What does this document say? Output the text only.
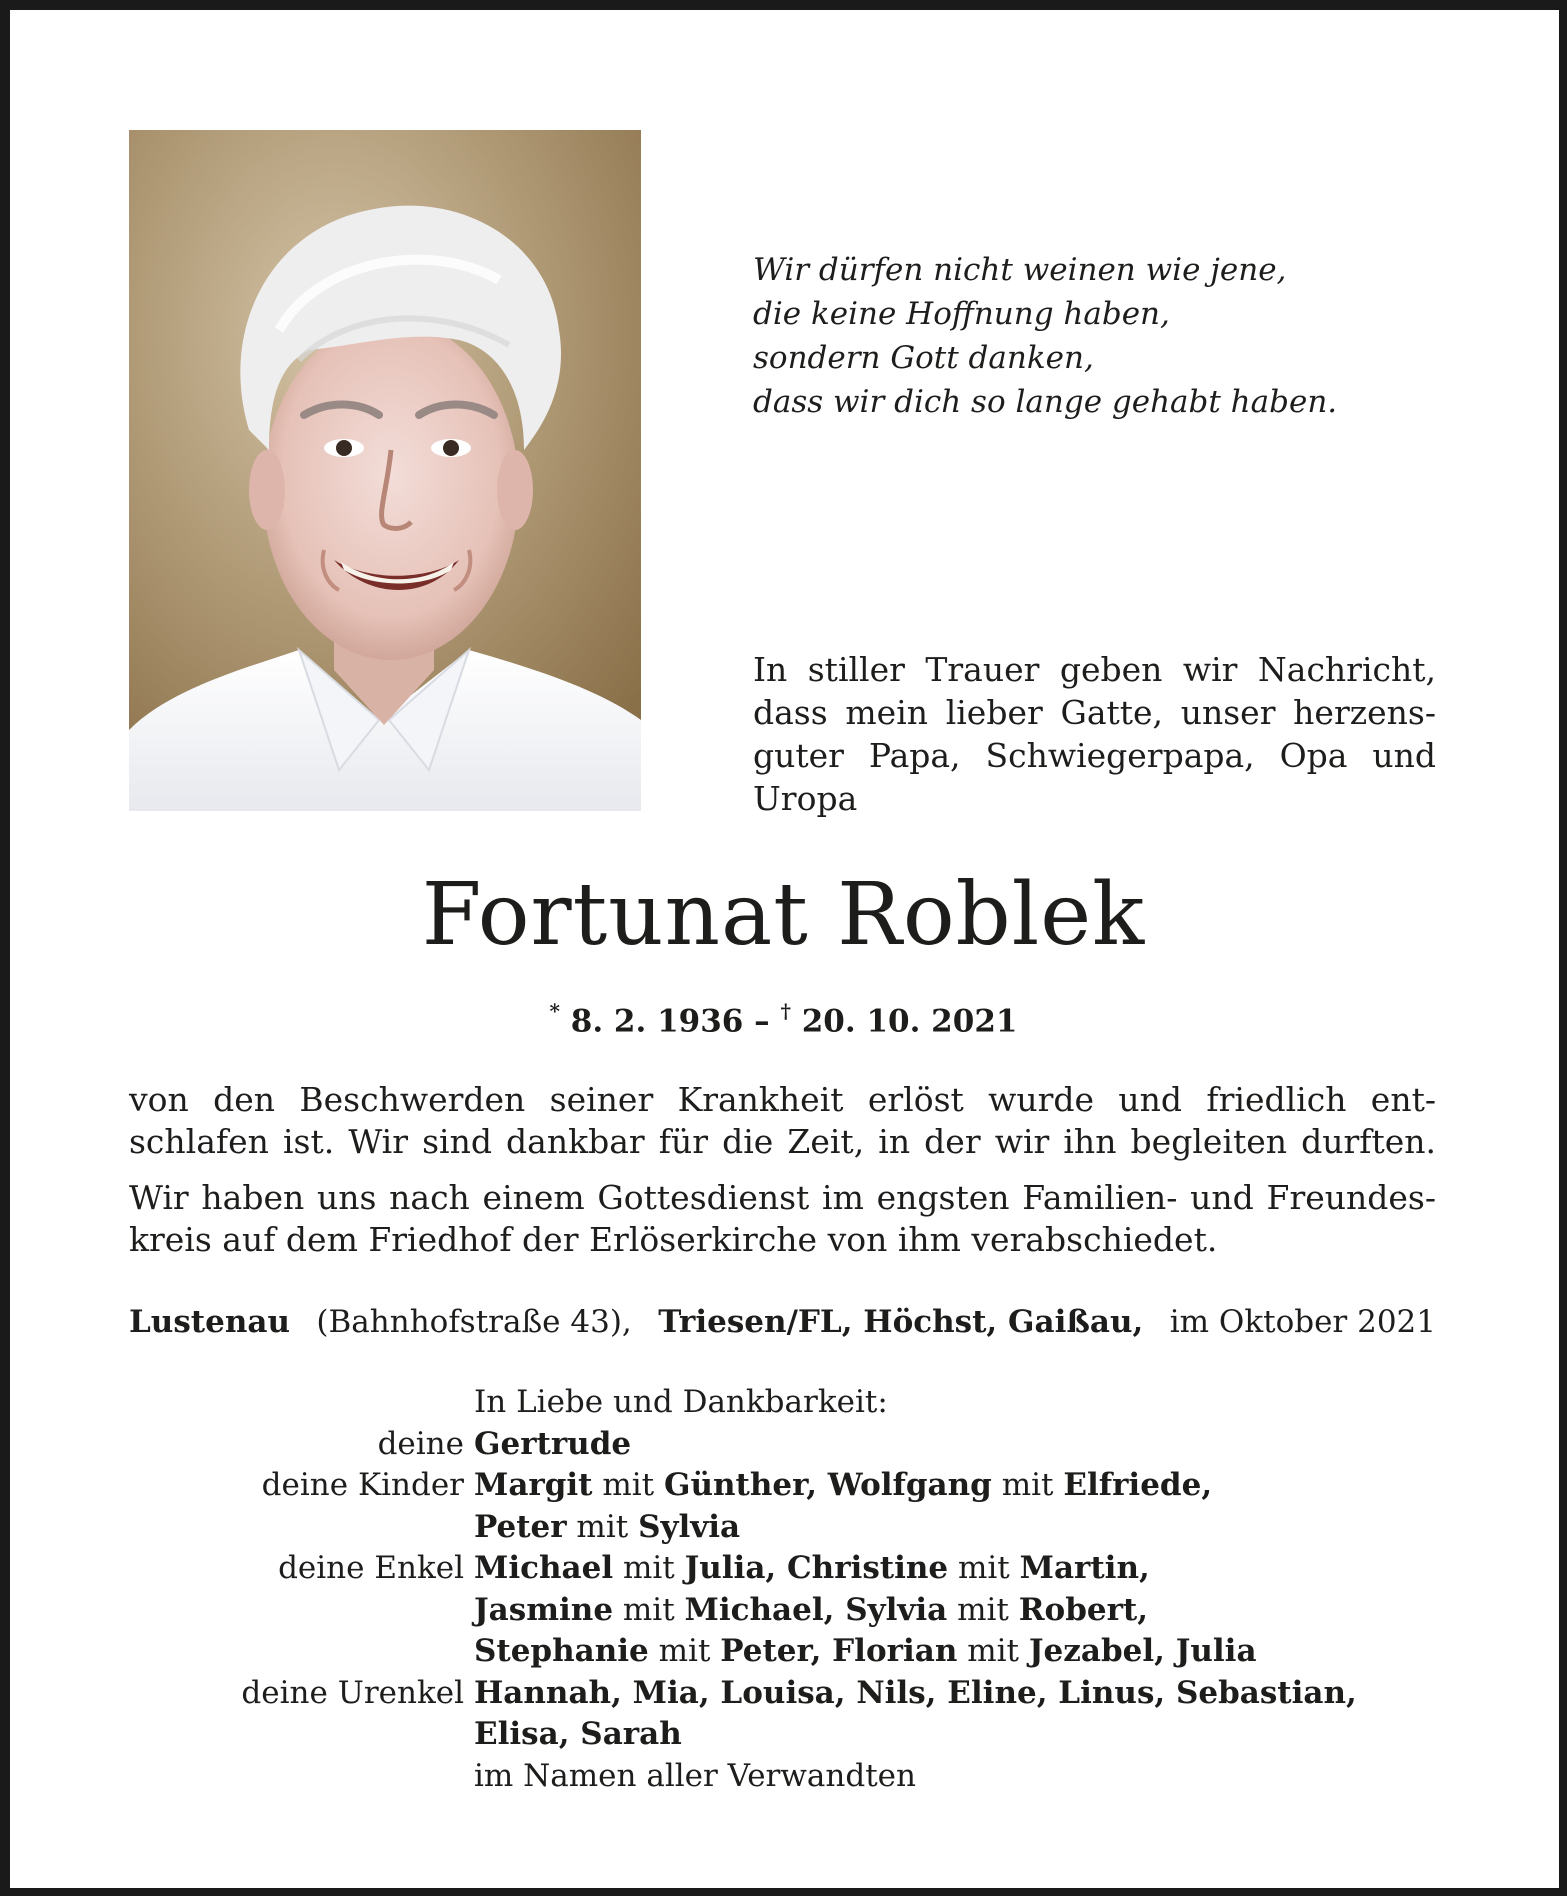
Wir dürfen nicht weinen wie jene,
die keine Hoffnung haben,
sondern Gott danken,
dass wir dich so lange gehabt haben.
In stiller Trauer geben wir Nachricht,
dass mein lieber Gatte, unser herzens-
guter Papa, Schwiegerpapa, Opa und
Uropa
Fortunat Roblek
* 8. 2. 1936 – † 20. 10. 2021
von den Beschwerden seiner Krankheit erlöst wurde und friedlich ent-
schlafen ist. Wir sind dankbar für die Zeit, in der wir ihn begleiten durften.
Wir haben uns nach einem Gottesdienst im engsten Familien- und Freundes-
kreis auf dem Friedhof der Erlöserkirche von ihm verabschiedet.
Lustenau (Bahnhofstraße 43), Triesen/FL, Höchst, Gaißau, im Oktober 2021
In Liebe und Dankbarkeit:
deine Gertrude
deine Kinder Margit mit Günther, Wolfgang mit Elfriede,
Peter mit Sylvia
deine Enkel Michael mit Julia, Christine mit Martin,
Jasmine mit Michael, Sylvia mit Robert,
Stephanie mit Peter, Florian mit Jezabel, Julia
deine Urenkel Hannah, Mia, Louisa, Nils, Eline, Linus, Sebastian,
Elisa, Sarah
im Namen aller Verwandten
